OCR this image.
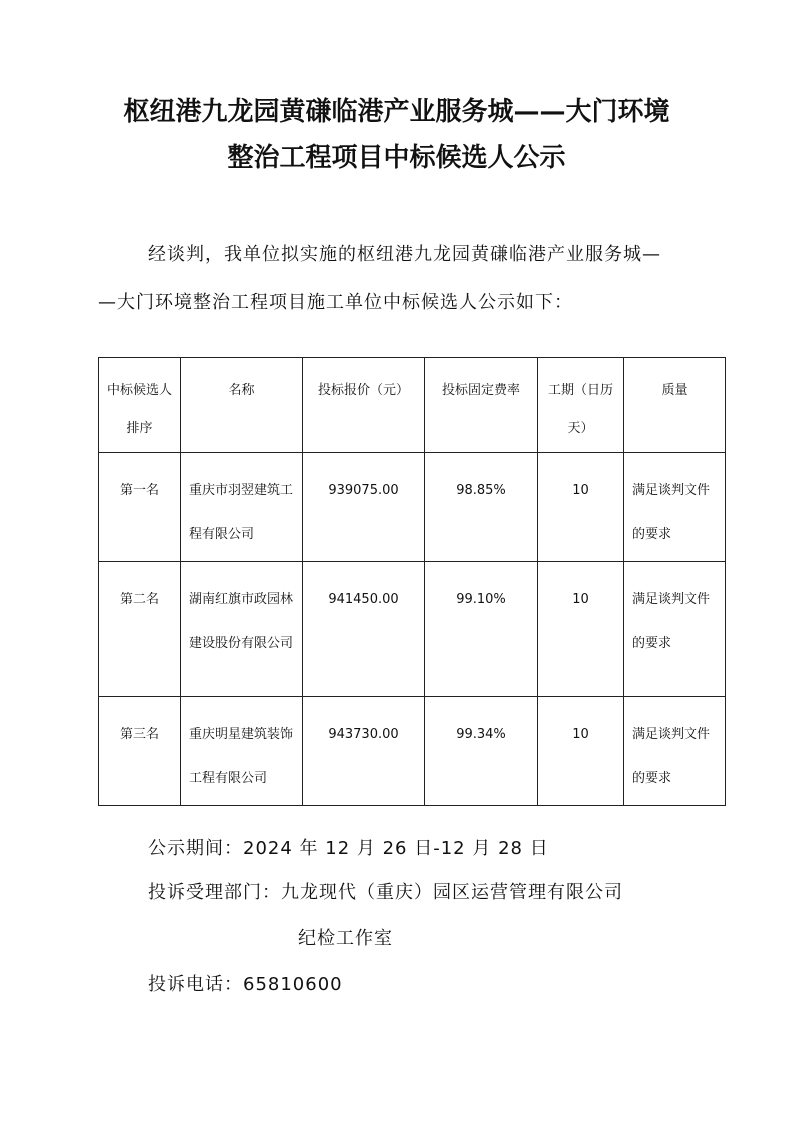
枢纽港九龙园黄磏临港产业服务城——大门环境
整治工程项目中标候选人公示
经谈判，我单位拟实施的枢纽港九龙园黄磏临港产业服务城—
—大门环境整治工程项目施工单位中标候选人公示如下：
中标候选人排序	名称	投标报价（元）	投标固定费率	工期（日历天）	质量
第一名	重庆市羽翌建筑工程有限公司	939075.00	98.85%	10	满足谈判文件的要求
第二名	湖南红旗市政园林建设股份有限公司	941450.00	99.10%	10	满足谈判文件的要求
第三名	重庆明星建筑装饰工程有限公司	943730.00	99.34%	10	满足谈判文件的要求
公示期间：2024 年 12 月 26 日-12 月 28 日
投诉受理部门：九龙现代（重庆）园区运营管理有限公司
纪检工作室
投诉电话：65810600
